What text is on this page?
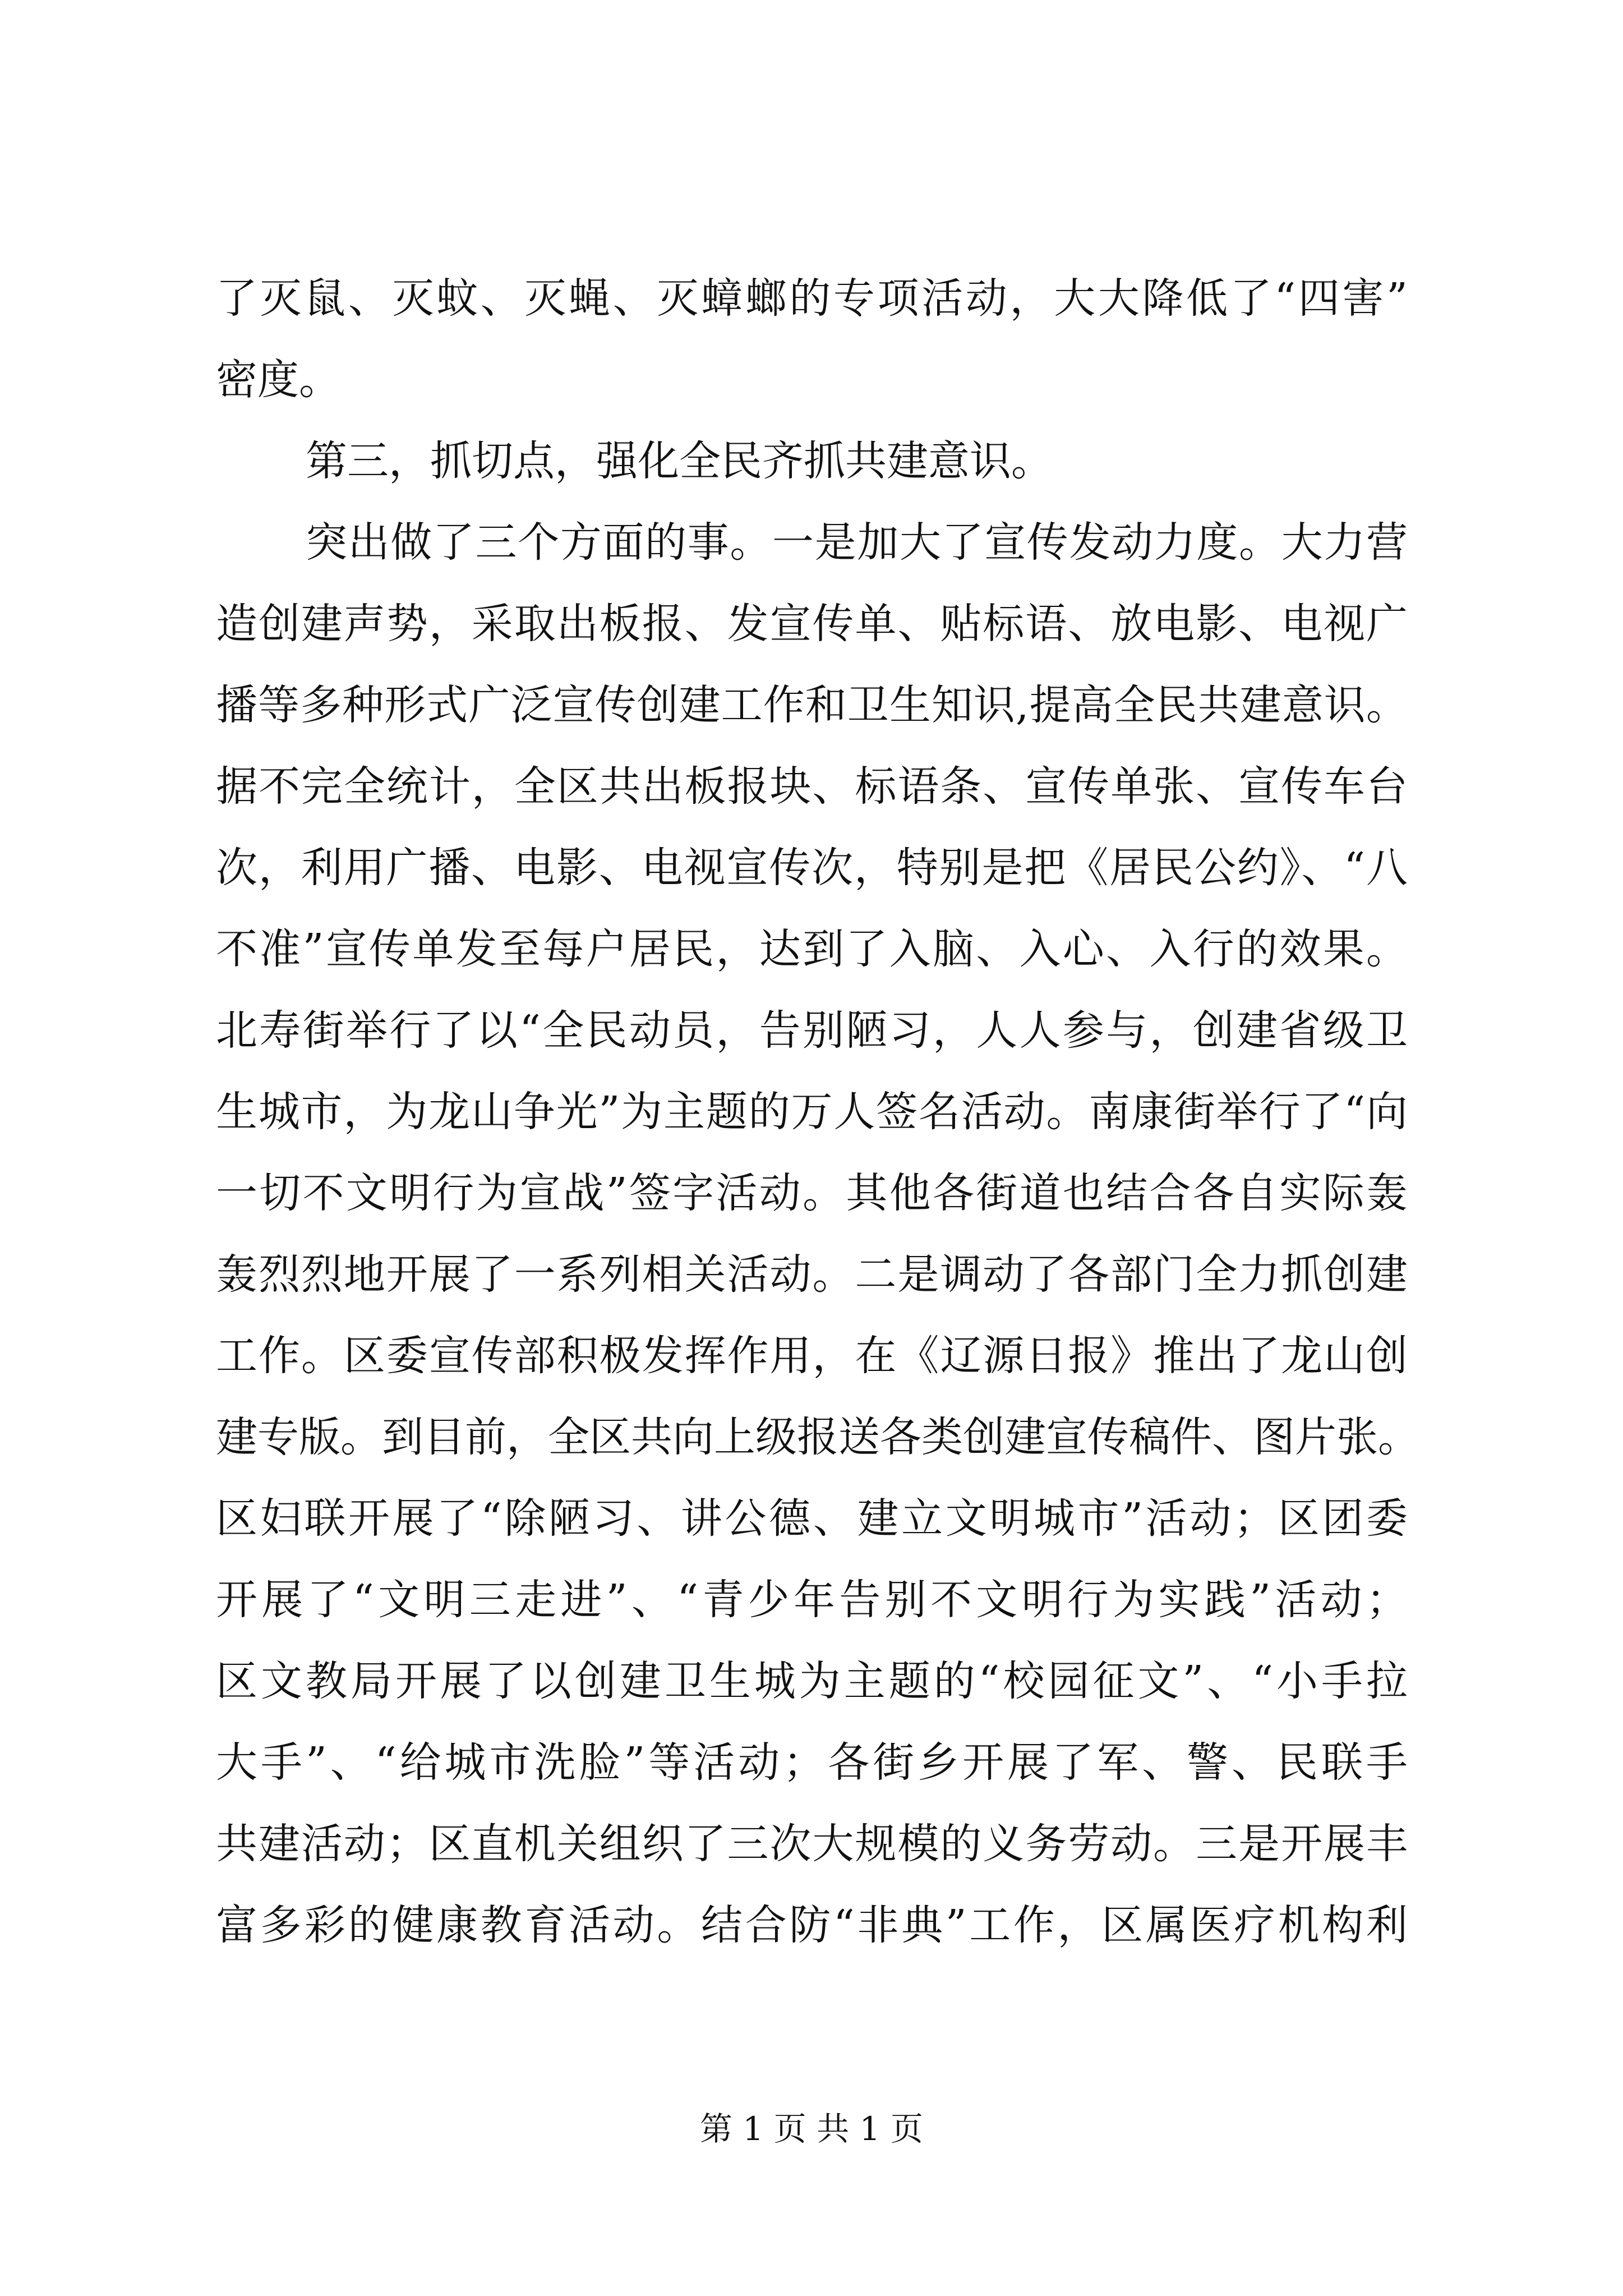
了灭鼠、灭蚊、灭蝇、灭蟑螂的专项活动，大大降低了“四害”
密度。
第三，抓切点，强化全民齐抓共建意识。
突出做了三个方面的事。一是加大了宣传发动力度。大力营
造创建声势，采取出板报、发宣传单、贴标语、放电影、电视广
播等多种形式广泛宣传创建工作和卫生知识,提高全民共建意识。
据不完全统计，全区共出板报块、标语条、宣传单张、宣传车台
次，利用广播、电影、电视宣传次，特别是把《居民公约》、“八
不准”宣传单发至每户居民，达到了入脑、入心、入行的效果。
北寿街举行了以“全民动员，告别陋习，人人参与，创建省级卫
生城市，为龙山争光”为主题的万人签名活动。南康街举行了“向
一切不文明行为宣战”签字活动。其他各街道也结合各自实际轰
轰烈烈地开展了一系列相关活动。二是调动了各部门全力抓创建
工作。区委宣传部积极发挥作用，在《辽源日报》推出了龙山创
建专版。到目前，全区共向上级报送各类创建宣传稿件、图片张。
区妇联开展了“除陋习、讲公德、建立文明城市”活动；区团委
开展了“文明三走进”、“青少年告别不文明行为实践”活动；
区文教局开展了以创建卫生城为主题的“校园征文”、“小手拉
大手”、“给城市洗脸”等活动；各街乡开展了军、警、民联手
共建活动；区直机关组织了三次大规模的义务劳动。三是开展丰
富多彩的健康教育活动。结合防“非典”工作，区属医疗机构利
第 1 页 共 1 页
